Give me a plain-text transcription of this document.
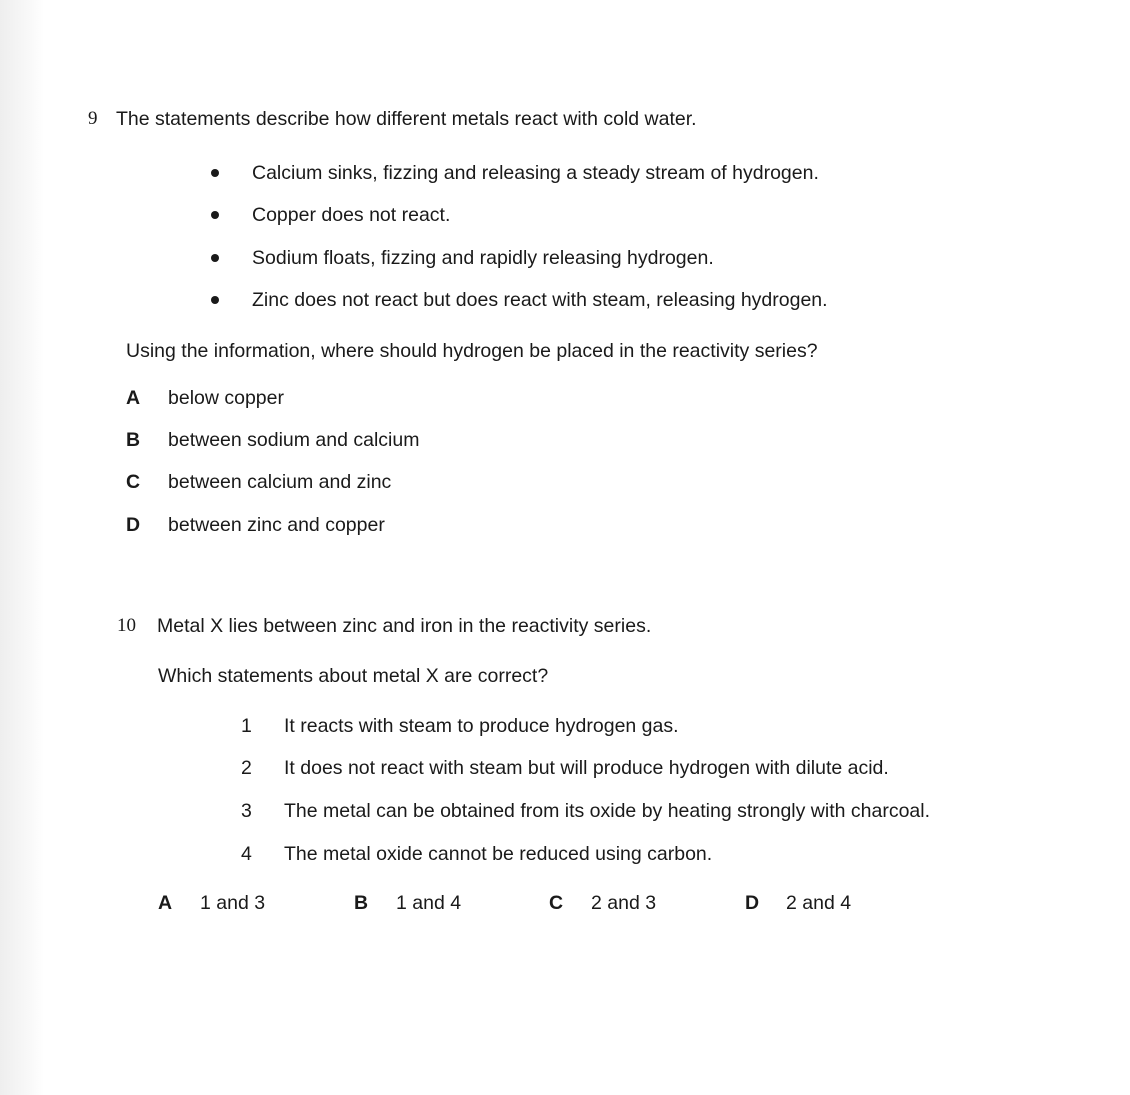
9 The statements describe how different metals react with cold water.
Calcium sinks, fizzing and releasing a steady stream of hydrogen.
Copper does not react.
Sodium floats, fizzing and rapidly releasing hydrogen.
Zinc does not react but does react with steam, releasing hydrogen.
Using the information, where should hydrogen be placed in the reactivity series?
A below copper
B between sodium and calcium
C between calcium and zinc
D between zinc and copper
10 Metal X lies between zinc and iron in the reactivity series.
Which statements about metal X are correct?
1 It reacts with steam to produce hydrogen gas.
2 It does not react with steam but will produce hydrogen with dilute acid.
3 The metal can be obtained from its oxide by heating strongly with charcoal.
4 The metal oxide cannot be reduced using carbon.
A 1 and 3	B 1 and 4	C 2 and 3	D 2 and 4
